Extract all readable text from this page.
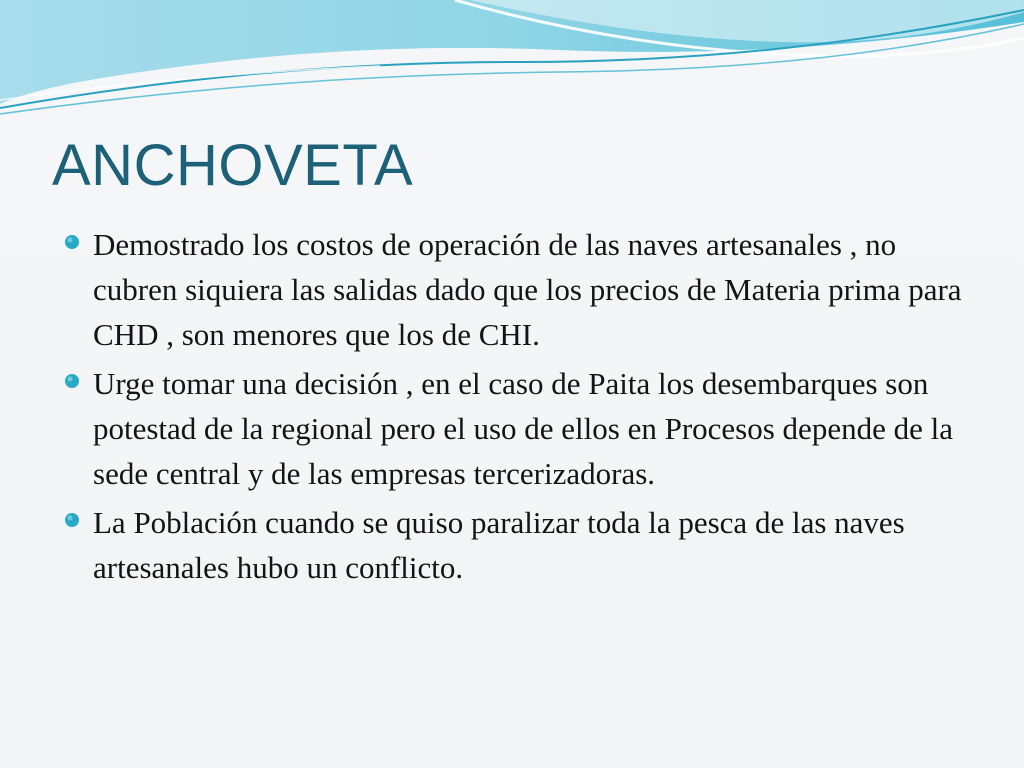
ANCHOVETA
Demostrado los costos de operación de las naves artesanales , no cubren siquiera las salidas dado que los precios de Materia prima para CHD , son menores que los de CHI.
Urge tomar una decisión , en el caso de Paita los desembarques son potestad de la regional pero el uso de ellos en Procesos depende de la sede central y de las empresas tercerizadoras.
La Población cuando se quiso paralizar toda la pesca de las naves artesanales hubo un conflicto.
